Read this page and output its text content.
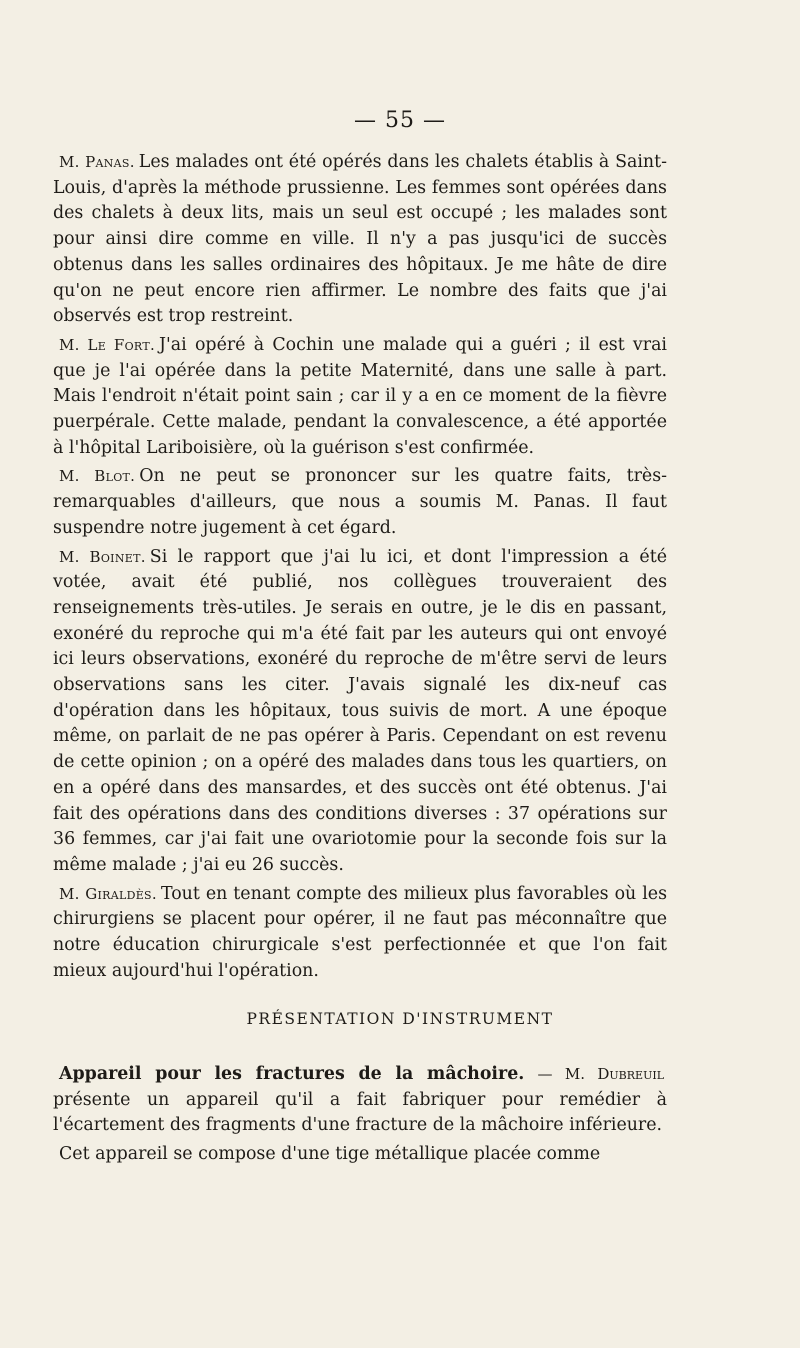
— 55 —

M. Panas. Les malades ont été opérés dans les chalets établis à Saint-Louis, d'après la méthode prussienne. Les femmes sont opérées dans des chalets à deux lits, mais un seul est occupé ; les malades sont pour ainsi dire comme en ville. Il n'y a pas jusqu'ici de succès obtenus dans les salles ordinaires des hôpitaux. Je me hâte de dire qu'on ne peut encore rien affirmer. Le nombre des faits que j'ai observés est trop restreint.

M. Le Fort. J'ai opéré à Cochin une malade qui a guéri ; il est vrai que je l'ai opérée dans la petite Maternité, dans une salle à part. Mais l'endroit n'était point sain ; car il y a en ce moment de la fièvre puerpérale. Cette malade, pendant la convalescence, a été apportée à l'hôpital Lariboisière, où la guérison s'est confirmée.

M. Blot. On ne peut se prononcer sur les quatre faits, très-remarquables d'ailleurs, que nous a soumis M. Panas. Il faut suspendre notre jugement à cet égard.

M. Boinet. Si le rapport que j'ai lu ici, et dont l'impression a été votée, avait été publié, nos collègues trouveraient des renseignements très-utiles. Je serais en outre, je le dis en passant, exonéré du reproche qui m'a été fait par les auteurs qui ont envoyé ici leurs observations, exonéré du reproche de m'être servi de leurs observations sans les citer. J'avais signalé les dix-neuf cas d'opération dans les hôpitaux, tous suivis de mort. A une époque même, on parlait de ne pas opérer à Paris. Cependant on est revenu de cette opinion ; on a opéré des malades dans tous les quartiers, on en a opéré dans des mansardes, et des succès ont été obtenus. J'ai fait des opérations dans des conditions diverses : 37 opérations sur 36 femmes, car j'ai fait une ovariotomie pour la seconde fois sur la même malade ; j'ai eu 26 succès.

M. Giraldès. Tout en tenant compte des milieux plus favorables où les chirurgiens se placent pour opérer, il ne faut pas méconnaître que notre éducation chirurgicale s'est perfectionnée et que l'on fait mieux aujourd'hui l'opération.

PRÉSENTATION D'INSTRUMENT

Appareil pour les fractures de la mâchoire. — M. Dubreuil présente un appareil qu'il a fait fabriquer pour remédier à l'écartement des fragments d'une fracture de la mâchoire inférieure.

Cet appareil se compose d'une tige métallique placée comme
